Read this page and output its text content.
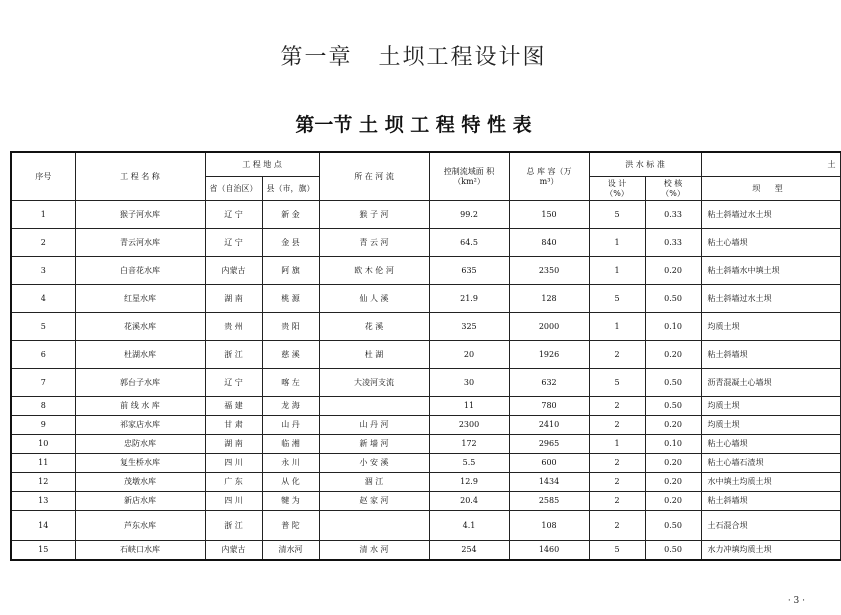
第一章 土坝工程设计图
第一节 土 坝 工 程 特 性 表
序号	工 程 名 称	工 程 地 点		所 在 河 流	控制流域面 积（km²）	总 库 容（万 m³）	洪 水 标 准		土
		省（自治区）	县（市，旗）				设 计（%）	校 核（%）	坝 型
1	猴子河水库	辽 宁	新 金	猴 子 河	99.2	150	5	0.33	粘土斜墙过水土坝
2	青云河水库	辽 宁	金 县	青 云 河	64.5	840	1	0.33	粘土心墙坝
3	白音花水库	内蒙古	阿 旗	欧 木 伦 河	635	2350	1	0.20	粘土斜墙水中填土坝
4	红星水库	湖 南	桃 源	仙 人 溪	21.9	128	5	0.50	粘土斜墙过水土坝
5	花溪水库	贵 州	贵 阳	花 溪	325	2000	1	0.10	均质土坝
6	杜湖水库	浙 江	慈 溪	杜 湖	20	1926	2	0.20	粘土斜墙坝
7	郭台子水库	辽 宁	喀 左	大凌河支流	30	632	5	0.50	沥青混凝土心墙坝
8	前 线 水 库	福 建	龙 海		11	780	2	0.50	均质土坝
9	祁家店水库	甘 肃	山 丹	山 丹 河	2300	2410	2	0.20	均质土坝
10	忠防水库	湖 南	临 湘	新 墙 河	172	2965	1	0.10	粘土心墙坝
11	复生桥水库	四 川	永 川	小 安 溪	5.5	600	2	0.20	粘土心墙石渣坝
12	茂墩水库	广 东	从 化	涸 江	12.9	1434	2	0.20	水中填土均质土坝
13	新店水库	四 川	犍 为	赵 家 河	20.4	2585	2	0.20	粘土斜墙坝
14	芦东水库	浙 江	普 陀		4.1	108	2	0.50	土石混合坝
15	石峡口水库	内蒙古	清水河	清 水 河	254	1460	5	0.50	水力冲填均质土坝
· 3 ·
